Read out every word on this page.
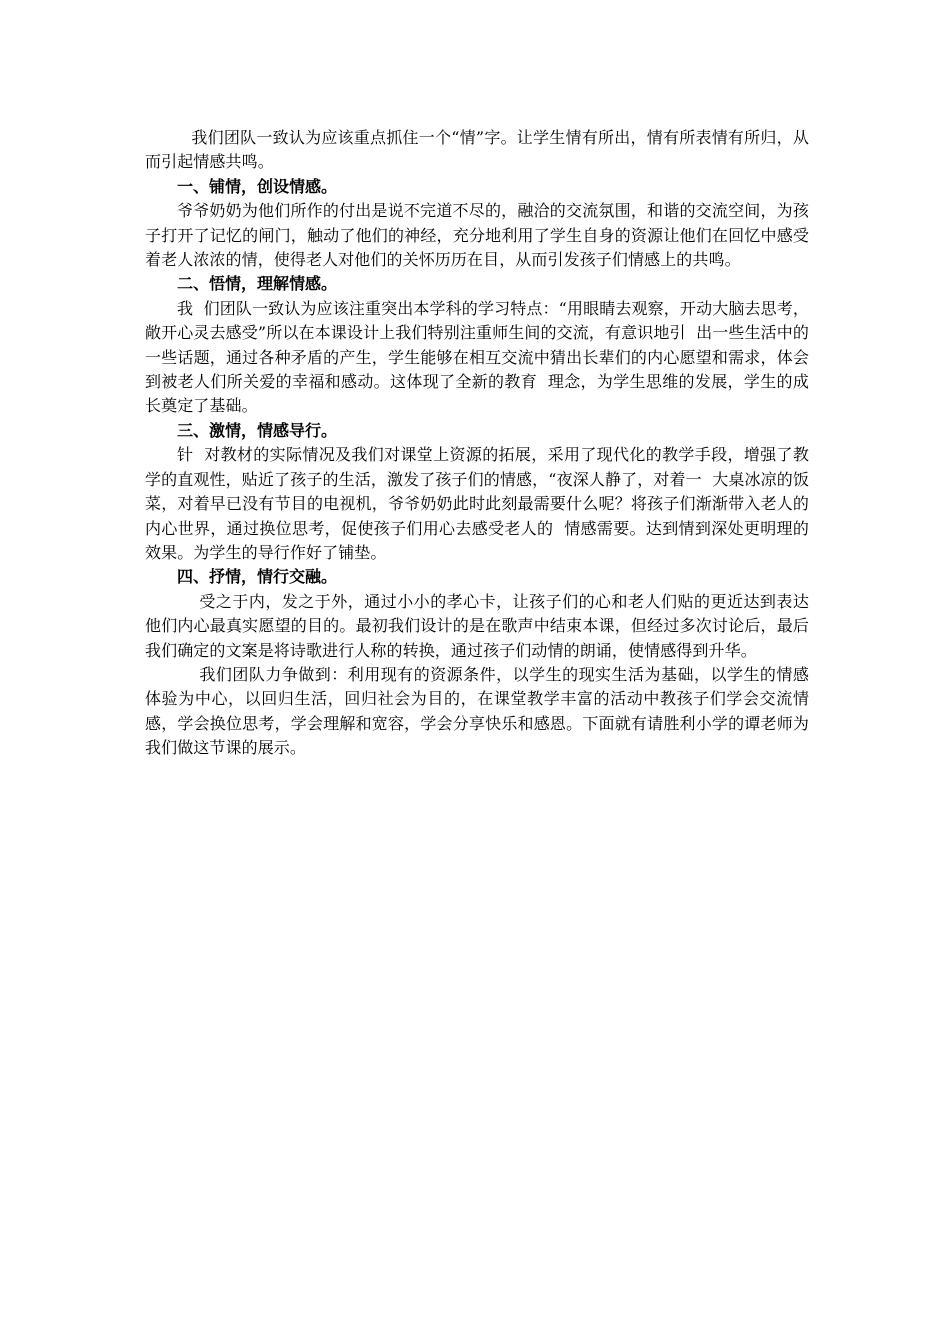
我们团队一致认为应该重点抓住一个“情”字。让学生情有所出，情有所表情有所归，从而引起情感共鸣。

一、铺情，创设情感。

爷爷奶奶为他们所作的付出是说不完道不尽的，融洽的交流氛围，和谐的交流空间，为孩子打开了记忆的闸门，触动了他们的神经，充分地利用了学生自身的资源让他们在回忆中感受着老人浓浓的情，使得老人对他们的关怀历历在目，从而引发孩子们情感上的共鸣。

二、悟情，理解情感。

我  们团队一致认为应该注重突出本学科的学习特点：“用眼睛去观察，开动大脑去思考，敞开心灵去感受”所以在本课设计上我们特别注重师生间的交流，有意识地引  出一些生活中的一些话题，通过各种矛盾的产生，学生能够在相互交流中猜出长辈们的内心愿望和需求，体会到被老人们所关爱的幸福和感动。这体现了全新的教育  理念，为学生思维的发展，学生的成长奠定了基础。

三、激情，情感导行。

针  对教材的实际情况及我们对课堂上资源的拓展，采用了现代化的教学手段，增强了教学的直观性，贴近了孩子的生活，激发了孩子们的情感，“夜深人静了，对着一  大桌冰凉的饭菜，对着早已没有节目的电视机，爷爷奶奶此时此刻最需要什么呢？将孩子们渐渐带入老人的内心世界，通过换位思考，促使孩子们用心去感受老人的  情感需要。达到情到深处更明理的效果。为学生的导行作好了铺垫。

四、抒情，情行交融。

受之于内，发之于外，通过小小的孝心卡，让孩子们的心和老人们贴的更近达到表达他们内心最真实愿望的目的。最初我们设计的是在歌声中结束本课，但经过多次讨论后，最后我们确定的文案是将诗歌进行人称的转换，通过孩子们动情的朗诵，使情感得到升华。

我们团队力争做到：利用现有的资源条件，以学生的现实生活为基础，以学生的情感体验为中心，以回归生活，回归社会为目的，在课堂教学丰富的活动中教孩子们学会交流情感，学会换位思考，学会理解和宽容，学会分享快乐和感恩。下面就有请胜利小学的谭老师为我们做这节课的展示。
